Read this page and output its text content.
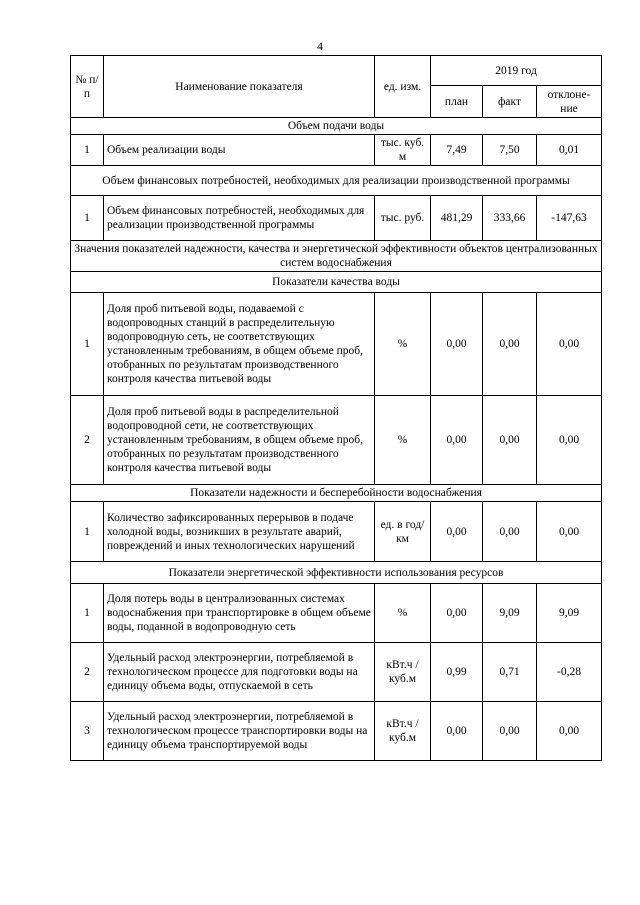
4
№ п/п	Наименование показателя	ед. изм.	2019 год		
			план	факт	отклоне-ние
Объем подачи воды					
1	Объем реализации воды	тыс. куб. м	7,49	7,50	0,01
Объем финансовых потребностей, необходимых для реализации производственной программы					
1	Объем финансовых потребностей, необходимых для реализации производственной программы	тыс. руб.	481,29	333,66	-147,63
Значения показателей надежности, качества и энергетической эффективности объектов централизованных систем водоснабжения					
Показатели качества воды					
1	Доля проб питьевой воды, подаваемой с водопроводных станций в распределительную водопроводную сеть, не соответствующих установленным требованиям, в общем объеме проб, отобранных по результатам производственного контроля качества питьевой воды	%	0,00	0,00	0,00
2	Доля проб питьевой воды в распределительной водопроводной сети, не соответствующих установленным требованиям, в общем объеме проб, отобранных по результатам производственного контроля качества питьевой воды	%	0,00	0,00	0,00
Показатели надежности и бесперебойности водоснабжения					
1	Количество зафиксированных перерывов в подаче холодной воды, возникших в результате аварий, повреждений и иных технологических нарушений	ед. в год/ км	0,00	0,00	0,00
Показатели энергетической эффективности использования ресурсов					
1	Доля потерь воды в централизованных системах водоснабжения при транспортировке в общем объеме воды, поданной в водопроводную сеть	%	0,00	9,09	9,09
2	Удельный расход электроэнергии, потребляемой в технологическом процессе для подготовки воды на единицу объема воды, отпускаемой в сеть	кВт.ч / куб.м	0,99	0,71	-0,28
3	Удельный расход электроэнергии, потребляемой в технологическом процессе транспортировки воды на единицу объема транспортируемой воды	кВт.ч / куб.м	0,00	0,00	0,00
